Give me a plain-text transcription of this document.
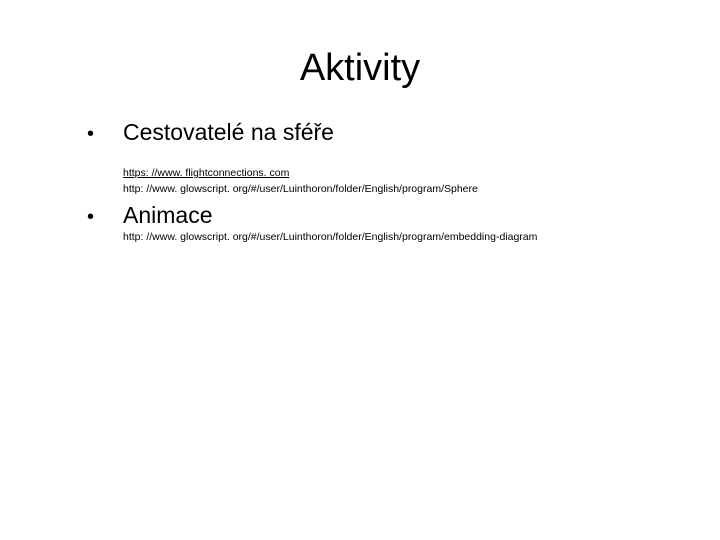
Aktivity
•	Cestovatelé na sféře
https: //www. flightconnections. com
http: //www. glowscript. org/#/user/Luinthoron/folder/English/program/Sphere
•	Animace
http: //www. glowscript. org/#/user/Luinthoron/folder/English/program/embedding-diagram
